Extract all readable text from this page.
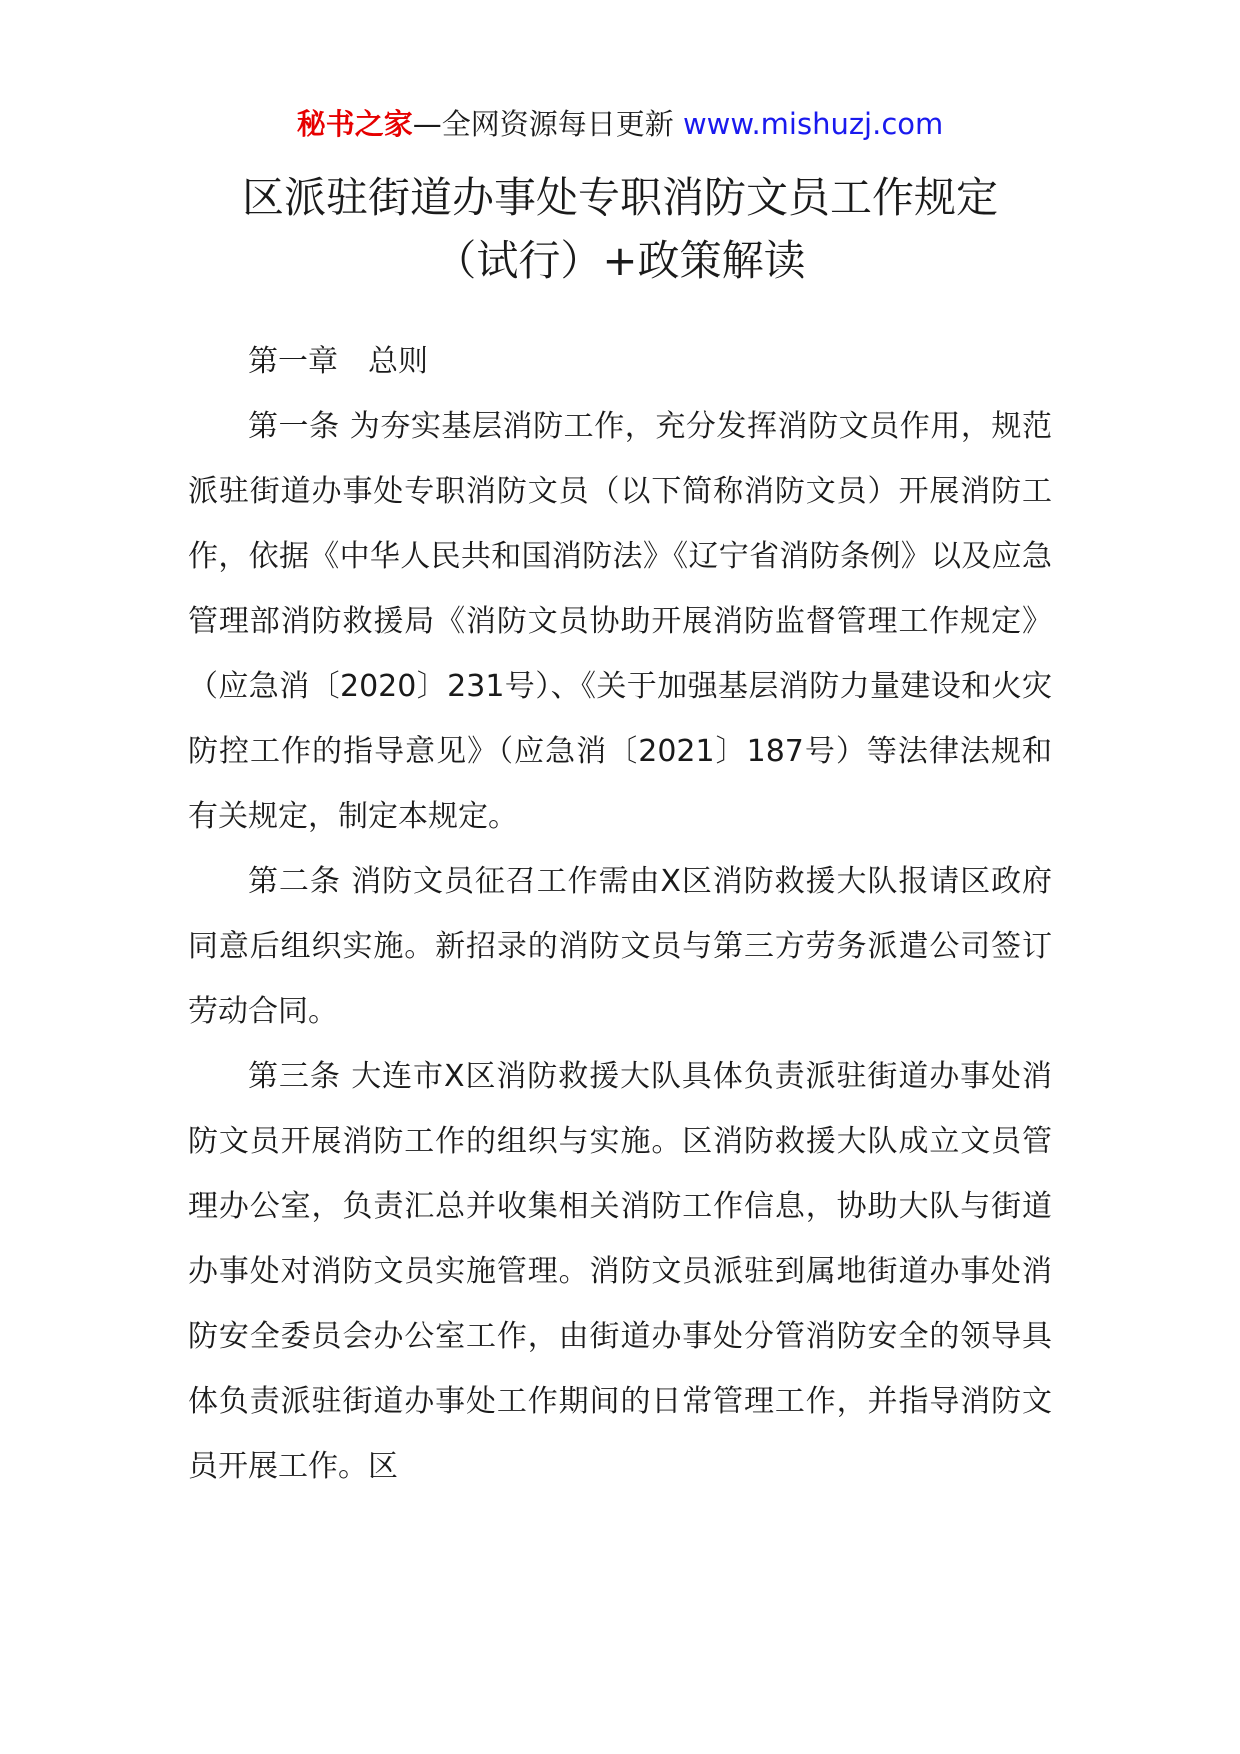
秘书之家—全网资源每日更新 www.mishuzj.com
区派驻街道办事处专职消防文员工作规定
（试行）+政策解读

第一章　总则

第一条 为夯实基层消防工作，充分发挥消防文员作用，规范派驻街道办事处专职消防文员（以下简称消防文员）开展消防工作，依据《中华人民共和国消防法》《辽宁省消防条例》以及应急管理部消防救援局《消防文员协助开展消防监督管理工作规定》（应急消〔2020〕231号）、《关于加强基层消防力量建设和火灾防控工作的指导意见》（应急消〔2021〕187号）等法律法规和有关规定，制定本规定。

第二条 消防文员征召工作需由X区消防救援大队报请区政府同意后组织实施。新招录的消防文员与第三方劳务派遣公司签订劳动合同。

第三条 大连市X区消防救援大队具体负责派驻街道办事处消防文员开展消防工作的组织与实施。区消防救援大队成立文员管理办公室，负责汇总并收集相关消防工作信息，协助大队与街道办事处对消防文员实施管理。消防文员派驻到属地街道办事处消防安全委员会办公室工作，由街道办事处分管消防安全的领导具体负责派驻街道办事处工作期间的日常管理工作，并指导消防文员开展工作。区
